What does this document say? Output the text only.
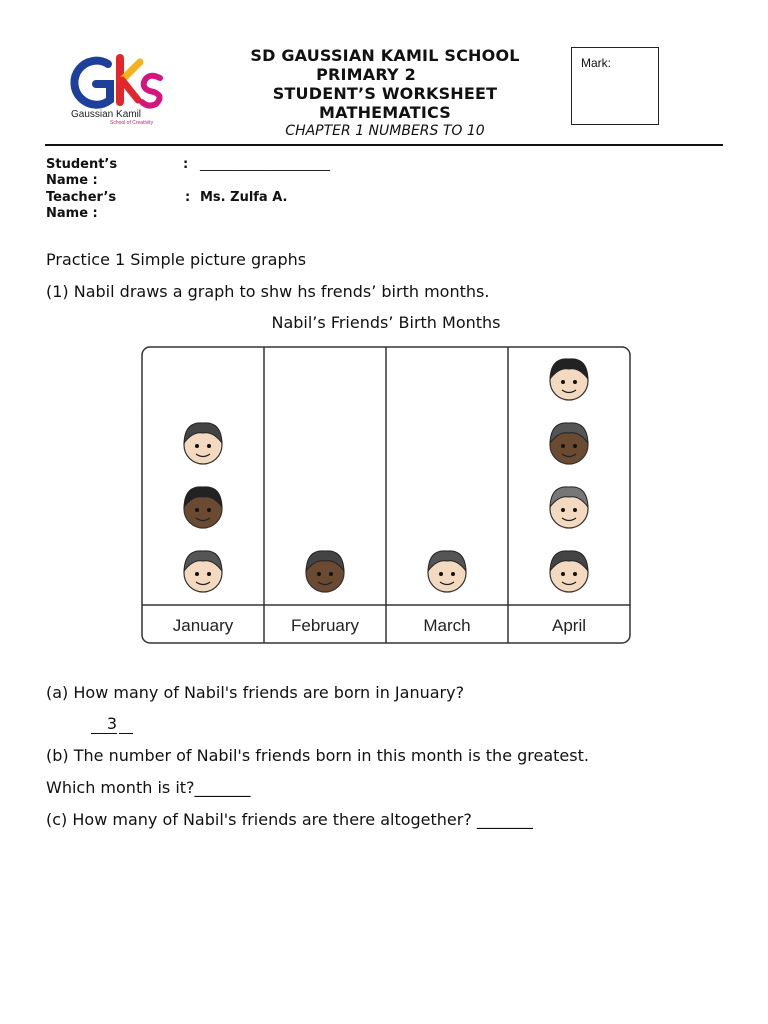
Gaussian Kamil
School of Creativity
SD GAUSSIAN KAMIL SCHOOL
PRIMARY 2
STUDENT’S WORKSHEET
MATHEMATICS
CHAPTER 1 NUMBERS TO 10
Mark:
Student’s
Name :
: ____________________
Teacher’s
Name :
: Ms. Zulfa A.
Practice 1 Simple picture graphs
(1) Nabil draws a graph to shw hs frends’ birth months.
Nabil’s Friends’ Birth Months
January	February	March	April
(a) How many of Nabil's friends are born in January?
3
(b) The number of Nabil's friends born in this month is the greatest.
Which month is it?_______
(c) How many of Nabil's friends are there altogether? _______
